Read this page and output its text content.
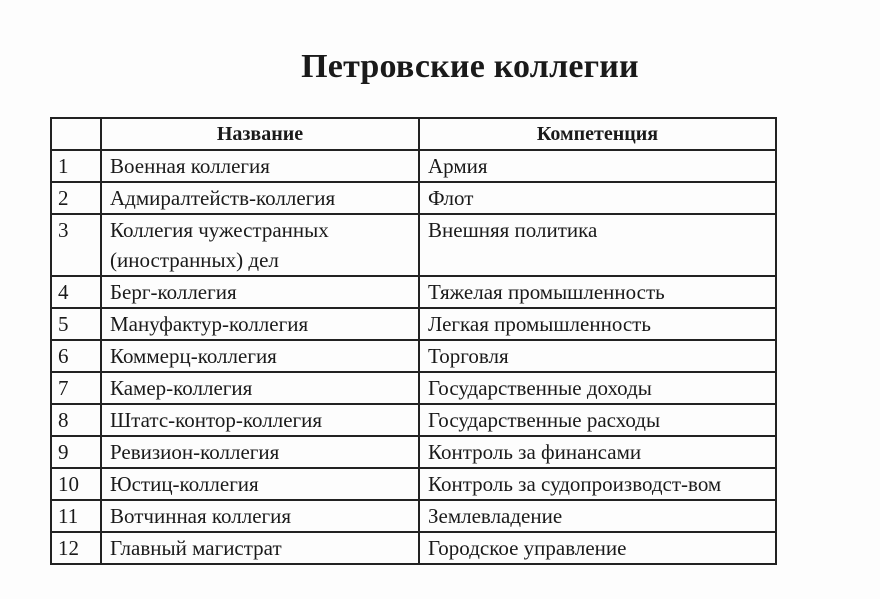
Петровские коллегии
	Название	Компетенция
1	Военная коллегия	Армия
2	Адмиралтейств-коллегия	Флот
3	Коллегия чужестранных (иностранных) дел	Внешняя политика
4	Берг-коллегия	Тяжелая промышленность
5	Мануфактур-коллегия	Легкая промышленность
6	Коммерц-коллегия	Торговля
7	Камер-коллегия	Государственные доходы
8	Штатс-контор-коллегия	Государственные расходы
9	Ревизион-коллегия	Контроль за финансами
10	Юстиц-коллегия	Контроль за судопроизводст-вом
11	Вотчинная коллегия	Землевладение
12	Главный магистрат	Городское управление
